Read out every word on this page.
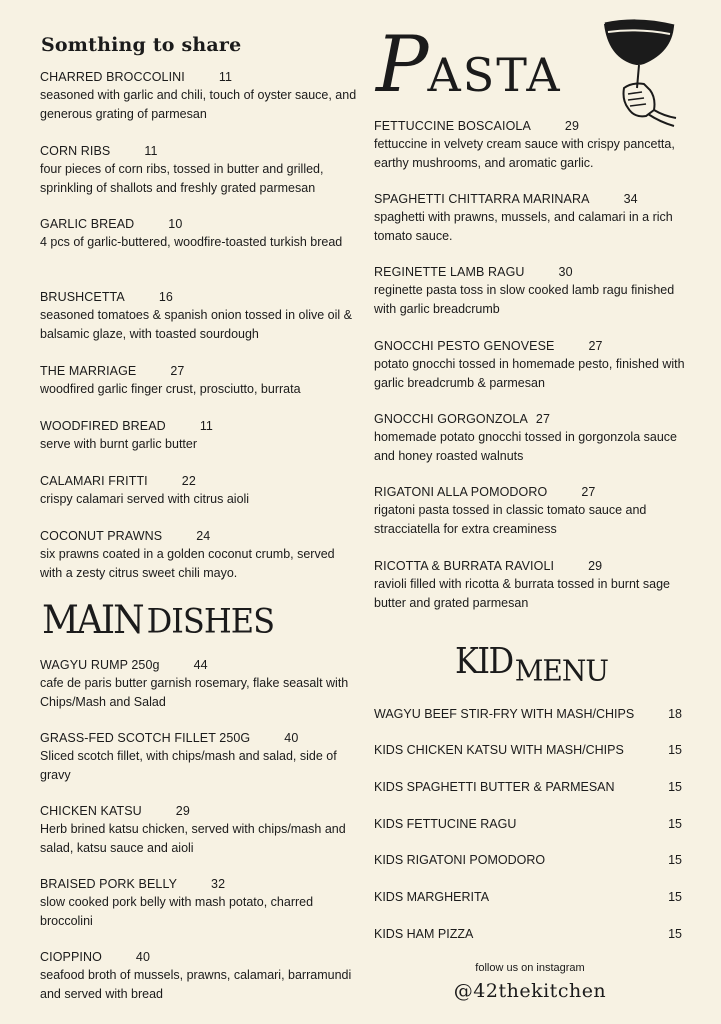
Somthing to share
CHARRED BROCCOLINI	11
seasoned with garlic and chili, touch of oyster sauce, and generous grating of parmesan
CORN RIBS	11
four pieces of corn ribs, tossed in butter and grilled, sprinkling of shallots and freshly grated parmesan
GARLIC BREAD	10
4 pcs of garlic-buttered, woodfire-toasted turkish bread
BRUSHCETTA	16
seasoned tomatoes & spanish onion tossed in olive oil & balsamic glaze, with toasted sourdough
THE MARRIAGE	27
woodfired garlic finger crust, prosciutto, burrata
WOODFIRED BREAD	11
serve with burnt garlic butter
CALAMARI FRITTI	22
crispy calamari served with citrus aioli
COCONUT PRAWNS	24
six prawns coated in a golden coconut crumb, served with a zesty citrus sweet chili mayo.
WAGYU RUMP 250g	44
cafe de paris butter garnish rosemary, flake seasalt with Chips/Mash and Salad
GRASS-FED SCOTCH FILLET 250G	40
Sliced scotch fillet, with chips/mash and salad, side of gravy
CHICKEN KATSU	29
Herb brined katsu chicken, served with chips/mash and salad, katsu sauce and aioli
BRAISED PORK BELLY	32
slow cooked pork belly with mash potato, charred broccolini
CIOPPINO	40
seafood broth of mussels, prawns, calamari, barramundi and served with bread
MAIN DISHES
PASTA
FETTUCCINE BOSCAIOLA	29
fettuccine in velvety cream sauce with crispy pancetta, earthy mushrooms, and aromatic garlic.
SPAGHETTI CHITTARRA MARINARA	34
spaghetti with prawns, mussels, and calamari in a rich tomato sauce.
REGINETTE LAMB RAGU	30
reginette pasta toss in slow cooked lamb ragu finished with garlic breadcrumb
GNOCCHI PESTO GENOVESE	27
potato gnocchi tossed in homemade pesto, finished with garlic breadcrumb & parmesan
GNOCCHI GORGONZOLA 27
homemade potato gnocchi tossed in gorgonzola sauce and honey roasted walnuts
RIGATONI ALLA POMODORO	27
rigatoni pasta tossed in classic tomato sauce and stracciatella for extra creaminess
RICOTTA & BURRATA RAVIOLI	29
ravioli filled with ricotta & burrata tossed in burnt sage butter and grated parmesan
KIDMENU
WAGYU BEEF STIR-FRY WITH MASH/CHIPS	18
KIDS CHICKEN KATSU WITH MASH/CHIPS	15
KIDS SPAGHETTI BUTTER & PARMESAN	15
KIDS FETTUCINE RAGU	15
KIDS RIGATONI POMODORO	15
KIDS MARGHERITA	15
KIDS HAM PIZZA	15
follow us on instagram
@42thekitchen
